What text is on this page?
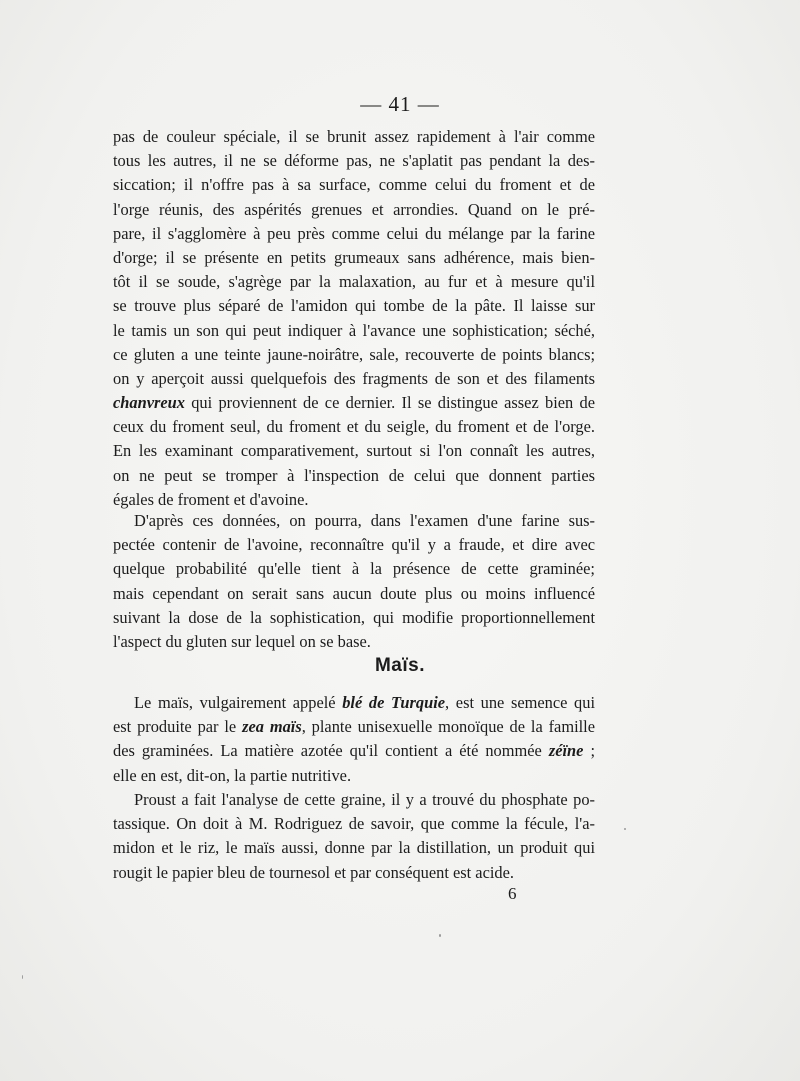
— 41 —
pas de couleur spéciale, il se brunit assez rapidement à l'air comme
tous les autres, il ne se déforme pas, ne s'aplatit pas pendant la des-
siccation; il n'offre pas à sa surface, comme celui du froment et de
l'orge réunis, des aspérités grenues et arrondies. Quand on le pré-
pare, il s'agglomère à peu près comme celui du mélange par la farine
d'orge; il se présente en petits grumeaux sans adhérence, mais bien-
tôt il se soude, s'agrège par la malaxation, au fur et à mesure qu'il
se trouve plus séparé de l'amidon qui tombe de la pâte. Il laisse sur
le tamis un son qui peut indiquer à l'avance une sophistication; séché,
ce gluten a une teinte jaune-noirâtre, sale, recouverte de points blancs;
on y aperçoit aussi quelquefois des fragments de son et des filaments
chanvreux qui proviennent de ce dernier. Il se distingue assez bien de
ceux du froment seul, du froment et du seigle, du froment et de l'orge.
En les examinant comparativement, surtout si l'on connaît les autres,
on ne peut se tromper à l'inspection de celui que donnent parties
égales de froment et d'avoine.
D'après ces données, on pourra, dans l'examen d'une farine sus-
pectée contenir de l'avoine, reconnaître qu'il y a fraude, et dire avec
quelque probabilité qu'elle tient à la présence de cette graminée;
mais cependant on serait sans aucun doute plus ou moins influencé
suivant la dose de la sophistication, qui modifie proportionnellement
l'aspect du gluten sur lequel on se base.
Maïs.
Le maïs, vulgairement appelé blé de Turquie, est une semence qui
est produite par le zea maïs, plante unisexuelle monoïque de la famille
des graminées. La matière azotée qu'il contient a été nommée zéïne ;
elle en est, dit-on, la partie nutritive.
Proust a fait l'analyse de cette graine, il y a trouvé du phosphate po-
tassique. On doit à M. Rodriguez de savoir, que comme la fécule, l'a-
midon et le riz, le maïs aussi, donne par la distillation, un produit qui
rougit le papier bleu de tournesol et par conséquent est acide.
6
